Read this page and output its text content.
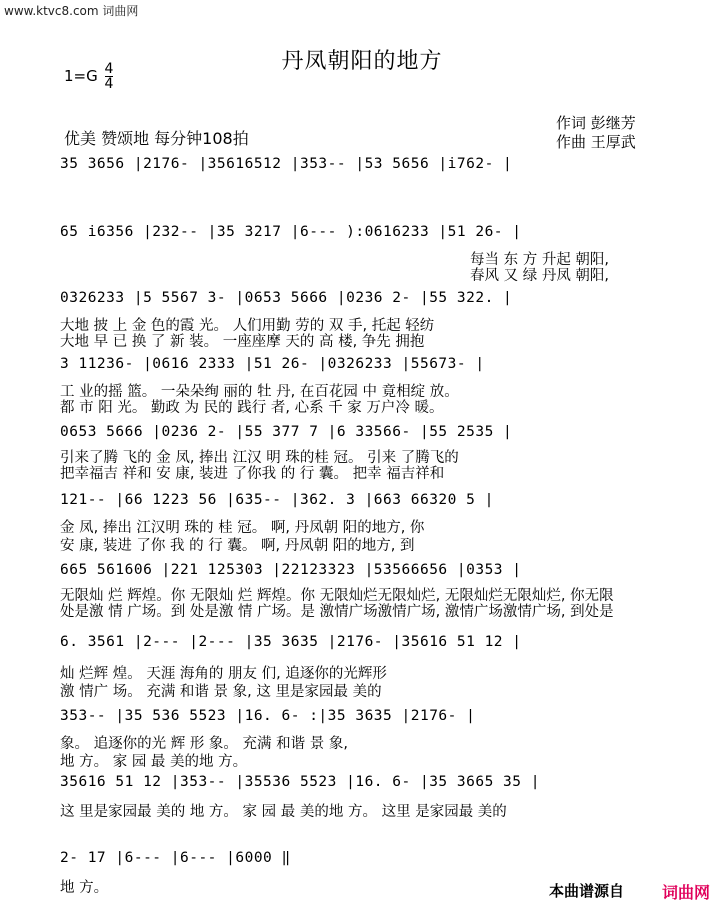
www.ktvc8.com 词曲网
丹凤朝阳的地方
$1=G \frac{4}{4}$
优美 赞颂地 每分钟108拍
作词 彭继芳
作曲 王厚武
35 3656 |2176- |35616512 |353-- |53 5656 |i762- |
65 i6356 |232-- |35 3217 |6--- ):0616233 |51 26- |
0326233 |5 5567 3- |0653 5666 |0236 2- |55 322. |
3 11236- |0616 2333 |51 26- |0326233 |55673- |
0653 5666 |0236 2- |55 377 7 |6 33566- |55 2535 |
121-- |66 1223 56 |635-- |362. 3 |663 66320 5 |
665 561606 |221 125303 |22123323 |53566656 |0353 |
6. 3561 |2--- |2--- |35 3635 |2176- |35616 51 12 |
353-- |35 536 5523 |16. 6- :|35 3635 |2176- |
35616 51 12 |353-- |35536 5523 |16. 6- |35 3665 35 |
2- 17 |6--- |6--- |6000 ‖
每当 东 方 升起 朝阳,
春风 又 绿 丹凤 朝阳,
大地 披 上 金 色的霞 光。 人们用勤 劳的 双 手, 托起 轻纺
大地 早 已 换 了 新 装。 一座座摩 天的 高 楼, 争先 拥抱
工 业的摇 篮。 一朵朵绚 丽的 牡 丹, 在百花园 中 竟相绽 放。
都 市 阳 光。 勤政 为 民的 践行 者, 心系 千 家 万户冷 暖。
引来了腾 飞的 金 凤, 捧出 江汉 明 珠的桂 冠。 引来 了腾飞的
把幸福吉 祥和 安 康, 装进 了你我 的 行 囊。 把幸 福吉祥和
金 凤, 捧出 江汉明 珠的 桂 冠。 啊, 丹凤朝 阳的地方, 你
安 康, 装进 了你 我 的 行 囊。 啊, 丹凤朝 阳的地方, 到
无限灿 烂 辉煌。你 无限灿 烂 辉煌。你 无限灿烂无限灿烂, 无限灿烂无限灿烂, 你无限
处是激 情 广场。到 处是激 情 广场。是 激情广场激情广场, 激情广场激情广场, 到处是
灿 烂辉 煌。 天涯 海角的 朋友 们, 追逐你的光辉形
激 情广 场。 充满 和谐 景 象, 这 里是家园最 美的
象。 追逐你的光 辉 形 象。 充满 和谐 景 象,
地 方。 家 园 最 美的地 方。
这 里是家园最 美的 地 方。 家 园 最 美的地 方。 这里 是家园最 美的
地 方。	本曲谱源自 词曲网
